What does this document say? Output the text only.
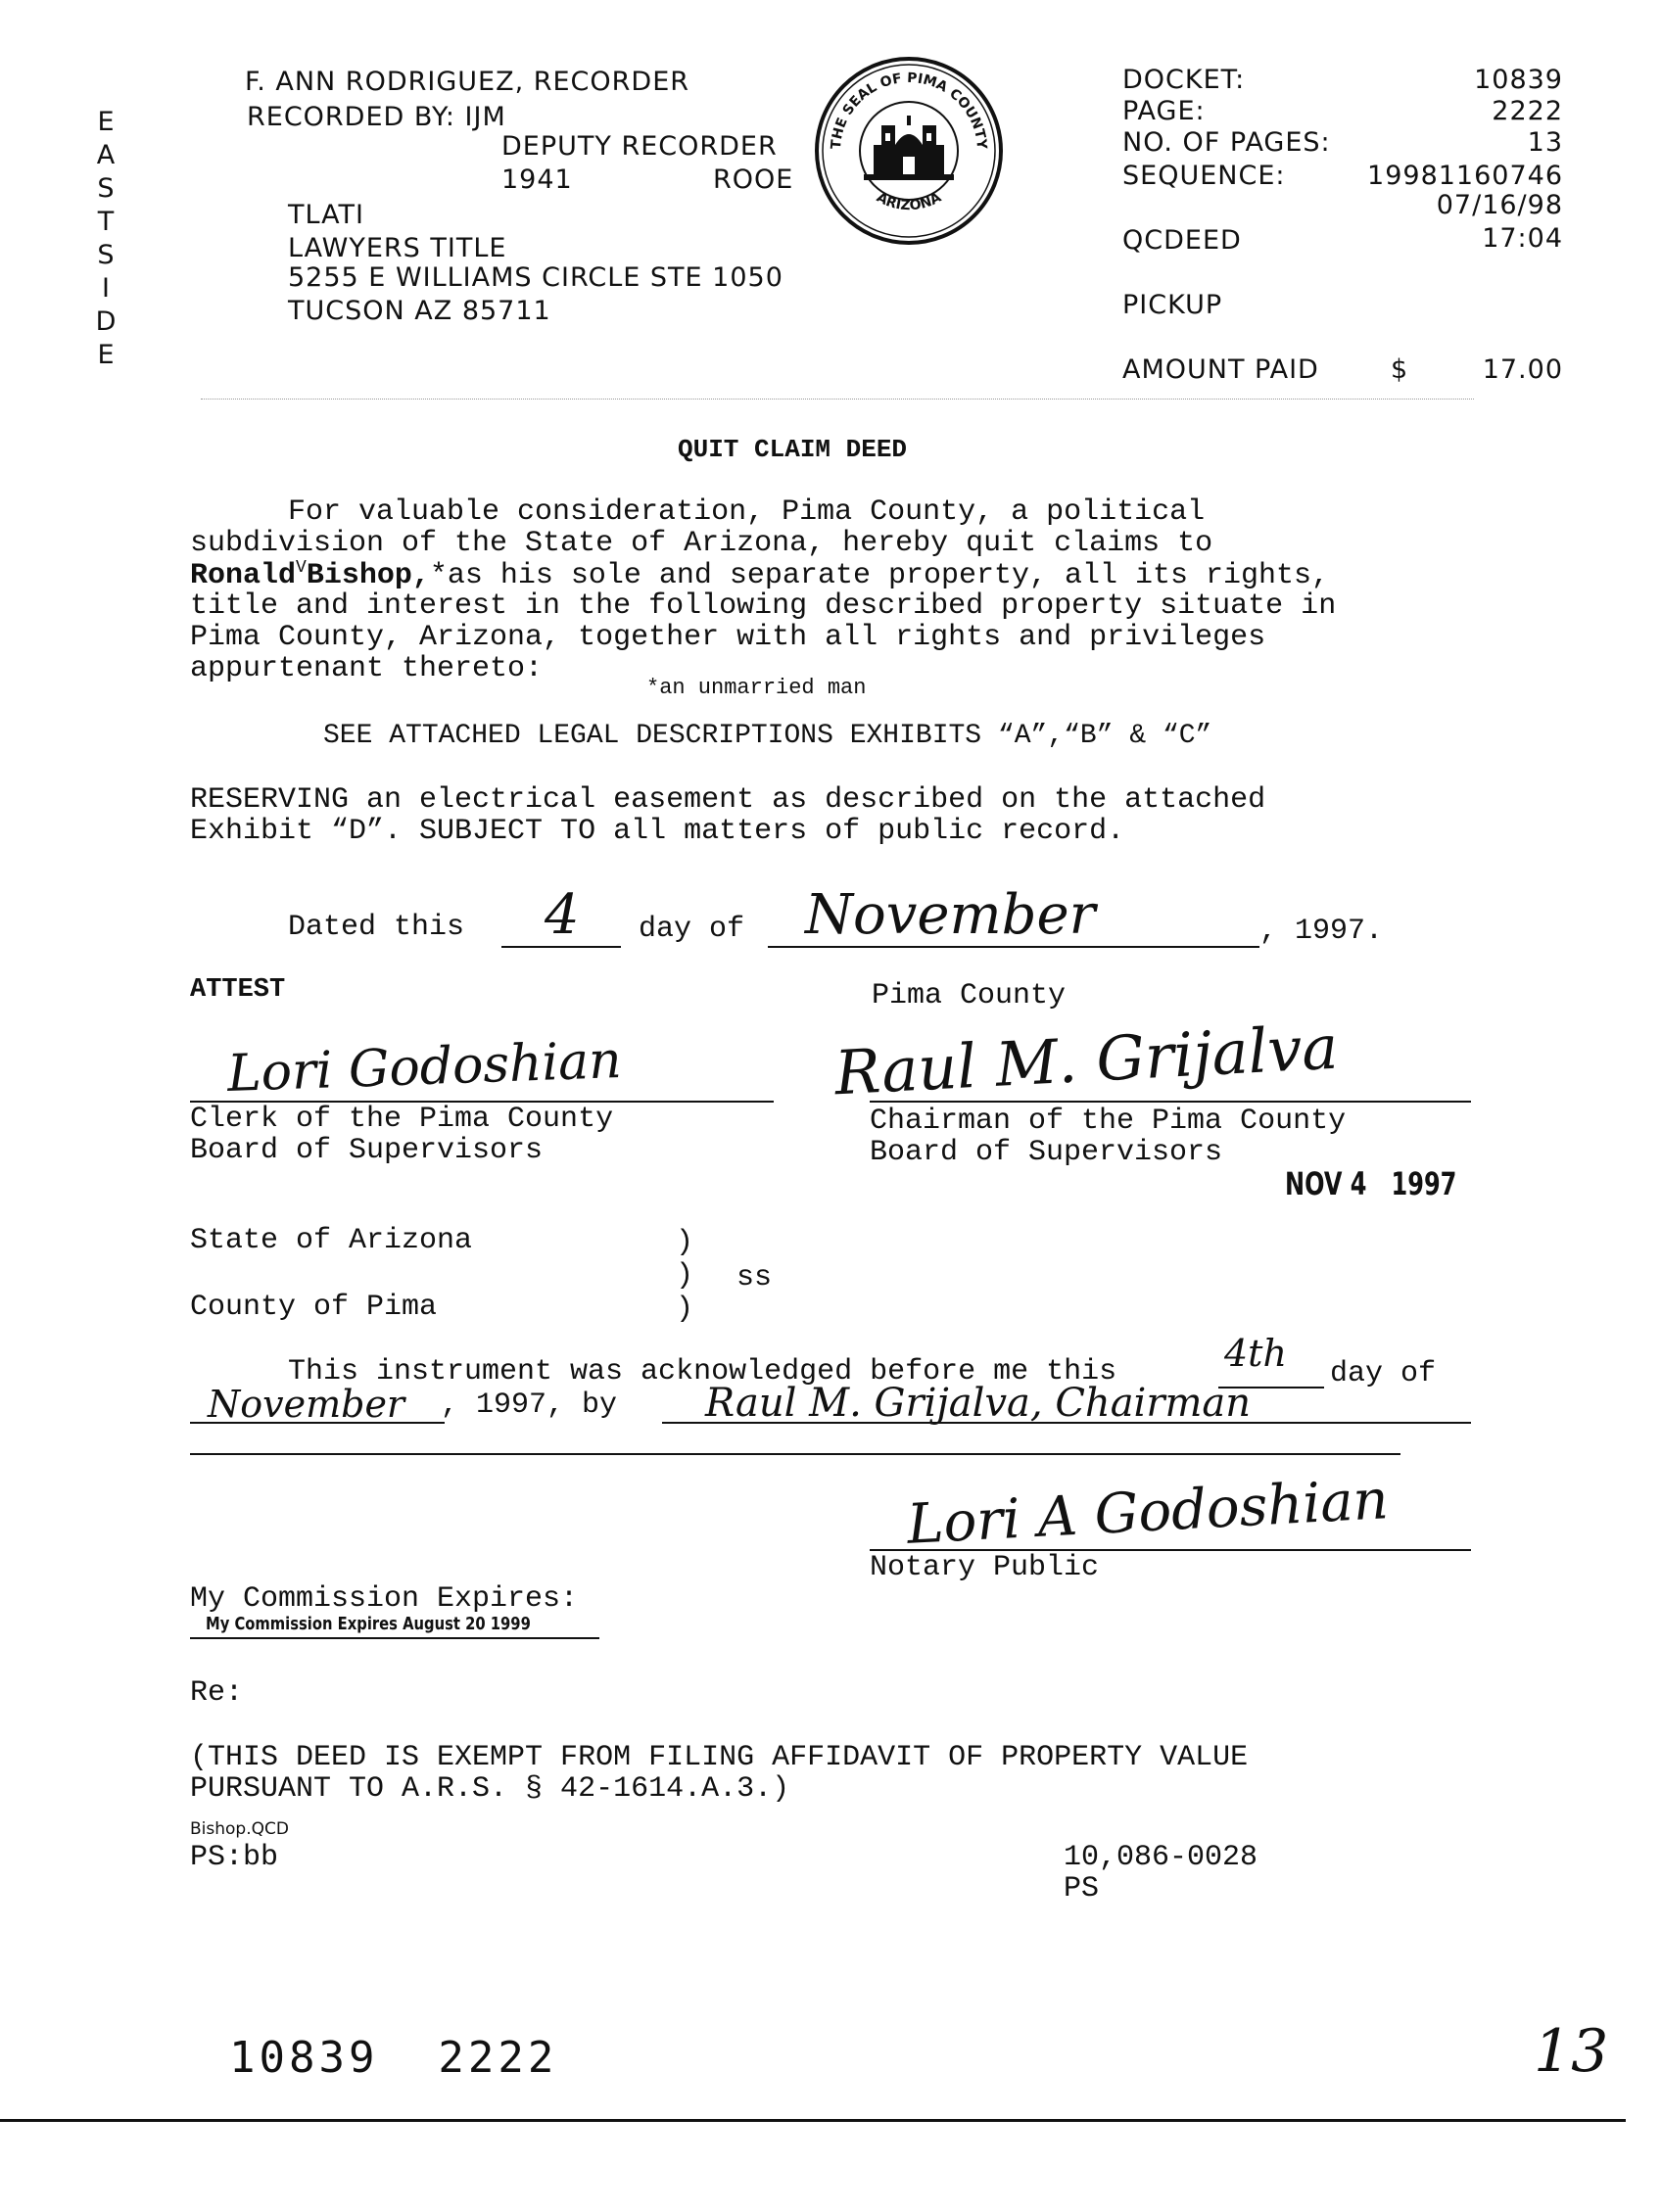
E
A
S
T
S
I
D
E
F. ANN RODRIGUEZ, RECORDER
RECORDED BY: IJM
DEPUTY RECORDER
1941	ROOE
TLATI
LAWYERS TITLE
5255 E WILLIAMS CIRCLE STE 1050
TUCSON AZ 85711
THE SEAL OF PIMA COUNTY
ARIZONA
DOCKET:	10839
PAGE:	2222
NO. OF PAGES:	13
SEQUENCE:	19981160746
07/16/98
QCDEED	17:04
PICKUP
AMOUNT PAID	$	17.00
QUIT CLAIM DEED
For valuable consideration, Pima County, a political
subdivision of the State of Arizona, hereby quit claims to
Ronald$^V$Bishop,*as his sole and separate property, all its rights,
title and interest in the following described property situate in
Pima County, Arizona, together with all rights and privileges
appurtenant thereto:
*an unmarried man
SEE ATTACHED LEGAL DESCRIPTIONS EXHIBITS “A”,“B” & “C”
RESERVING an electrical easement as described on the attached
Exhibit “D”. SUBJECT TO all matters of public record.
Dated this 4 day of November	, 1997.
ATTEST	Pima County
Lori Godoshian
Clerk of the Pima County
Board of Supervisors
Raul M. Grijalva
Chairman of the Pima County
Board of Supervisors
NOV 4   1997
State of Arizona
County of Pima
)
)
)
ss
This instrument was acknowledged before me this	4th day of
November , 1997, by Raul M. Grijalva, Chairman
Lori A Godoshian
Notary Public
My Commission Expires:
My Commission Expires August 20 1999
Re:
(THIS DEED IS EXEMPT FROM FILING AFFIDAVIT OF PROPERTY VALUE
PURSUANT TO A.R.S. § 42-1614.A.3.)
Bishop.QCD
PS:bb	10,086-0028
PS
10839  2222	13
